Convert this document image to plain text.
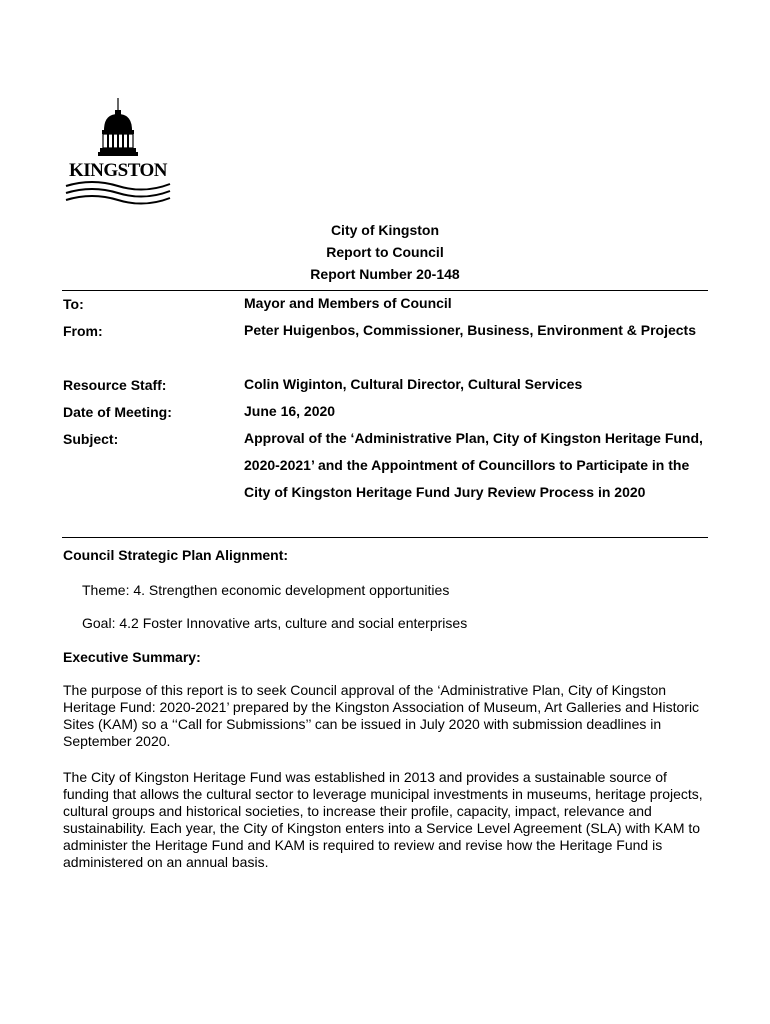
KINGSTON
City of Kingston
Report to Council
Report Number 20-148
To:	Mayor and Members of Council
From:	Peter Huigenbos, Commissioner, Business, Environment & Projects
Resource Staff:	Colin Wiginton, Cultural Director, Cultural Services
Date of Meeting:	June 16, 2020
Subject:	Approval of the ‘Administrative Plan, City of Kingston Heritage Fund, 2020-2021’ and the Appointment of Councillors to Participate in the City of Kingston Heritage Fund Jury Review Process in 2020
Council Strategic Plan Alignment:
Theme: 4. Strengthen economic development opportunities
Goal: 4.2 Foster Innovative arts, culture and social enterprises
Executive Summary:
The purpose of this report is to seek Council approval of the ‘Administrative Plan, City of Kingston Heritage Fund: 2020-2021’ prepared by the Kingston Association of Museum, Art Galleries and Historic Sites (KAM) so a ‘‘Call for Submissions’’ can be issued in July 2020 with submission deadlines in September 2020.
The City of Kingston Heritage Fund was established in 2013 and provides a sustainable source of funding that allows the cultural sector to leverage municipal investments in museums, heritage projects, cultural groups and historical societies, to increase their profile, capacity, impact, relevance and sustainability. Each year, the City of Kingston enters into a Service Level Agreement (SLA) with KAM to administer the Heritage Fund and KAM is required to review and revise how the Heritage Fund is administered on an annual basis.
